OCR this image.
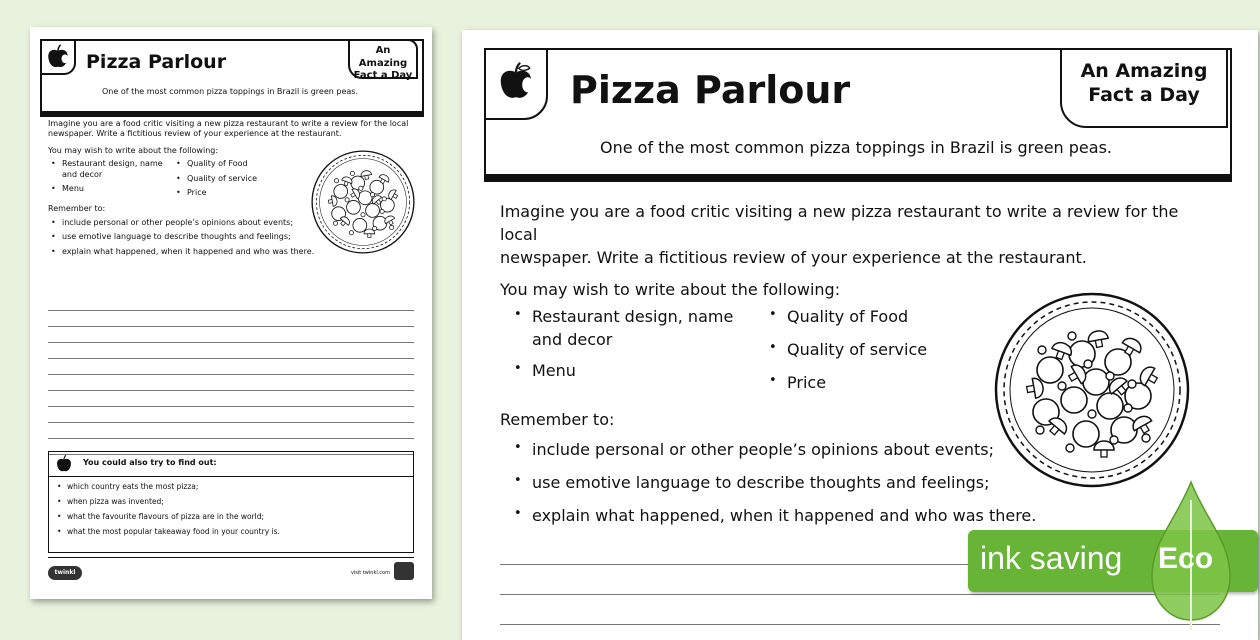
Pizza Parlour
An Amazing
Fact a Day
One of the most common pizza toppings in Brazil is green peas.

Imagine you are a food critic visiting a new pizza restaurant to write a review for the local
newspaper. Write a fictitious review of your experience at the restaurant.

You may wish to write about the following:

• Restaurant design, name and decor
• Menu
• Quality of Food
• Quality of service
• Price

Remember to:

• include personal or other people’s opinions about events;
• use emotive language to describe thoughts and feelings;
• explain what happened, when it happened and who was there.
You could also try to find out:
• which country eats the most pizza;
• when pizza was invented;
• what the favourite flavours of pizza are in the world;
• what the most popular takeaway food in your country is.
twinkl	visit twinkl.com
Pizza Parlour	An Amazing
Fact a Day
One of the most common pizza toppings in Brazil is green peas.

Imagine you are a food critic visiting a new pizza restaurant to write a review for the local
newspaper. Write a fictitious review of your experience at the restaurant.

You may wish to write about the following:

• Restaurant design, name and decor
• Menu
• Quality of Food
• Quality of service
• Price

Remember to:

• include personal or other people’s opinions about events;
• use emotive language to describe thoughts and feelings;
• explain what happened, when it happened and who was there.
ink saving Eco
